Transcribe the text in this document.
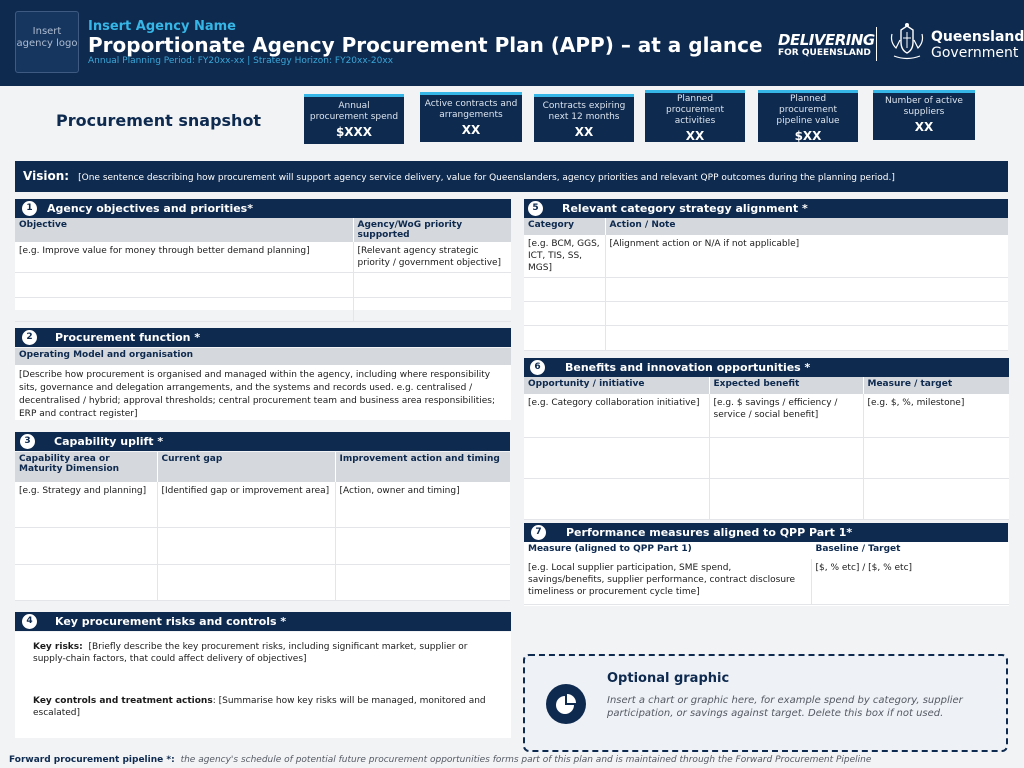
Insert agency logo
Insert Agency Name
Proportionate Agency Procurement Plan (APP) – at a glance
Annual Planning Period: FY20xx-xx | Strategy Horizon: FY20xx-20xx
DELIVERING
FOR QUEENSLAND
Queensland
Government
Procurement snapshot
Annual procurement spend
$XXX
Active contracts and arrangements
XX
Contracts expiring next 12 months
XX
Planned procurement activities
XX
Planned procurement pipeline value
$XX
Number of active suppliers
XX
Vision: [One sentence describing how procurement will support agency service delivery, value for Queenslanders, agency priorities and relevant QPP outcomes during the planning period.]
1	Agency objectives and priorities*
Objective	Agency/WoG priority supported
[e.g. Improve value for money through better demand planning]	[Relevant agency strategic priority / government objective]

2	Procurement function *
Operating Model and organisation
[Describe how procurement is organised and managed within the agency, including where responsibility sits, governance and delegation arrangements, and the systems and records used. e.g. centralised / decentralised / hybrid; approval thresholds; central procurement team and business area responsibilities; ERP and contract register]
3	Capability uplift *
Capability area or Maturity Dimension	Current gap	Improvement action and timing
[e.g. Strategy and planning]	[Identified gap or improvement area]	[Action, owner and timing]

4	Key procurement risks and controls *
Key risks: [Briefly describe the key procurement risks, including significant market, supplier or supply-chain factors, that could affect delivery of objectives]
Key controls and treatment actions: [Summarise how key risks will be managed, monitored and escalated]
5	Relevant category strategy alignment *
Category	Action / Note
[e.g. BCM, GGS, ICT, TIS, SS, MGS]	[Alignment action or N/A if not applicable]

6	Benefits and innovation opportunities *
Opportunity / initiative	Expected benefit	Measure / target
[e.g. Category collaboration initiative]	[e.g. $ savings / efficiency / service / social benefit]	[e.g. $, %, milestone]

7	Performance measures aligned to QPP Part 1*
Measure (aligned to QPP Part 1)	Baseline / Target
[e.g. Local supplier participation, SME spend, savings/benefits, supplier performance, contract disclosure timeliness or procurement cycle time]	[$, % etc] / [$, % etc]
Optional graphic
Insert a chart or graphic here, for example spend by category, supplier participation, or savings against target. Delete this box if not used.
Forward procurement pipeline *: the agency's schedule of potential future procurement opportunities forms part of this plan and is maintained through the Forward Procurement Pipeline
